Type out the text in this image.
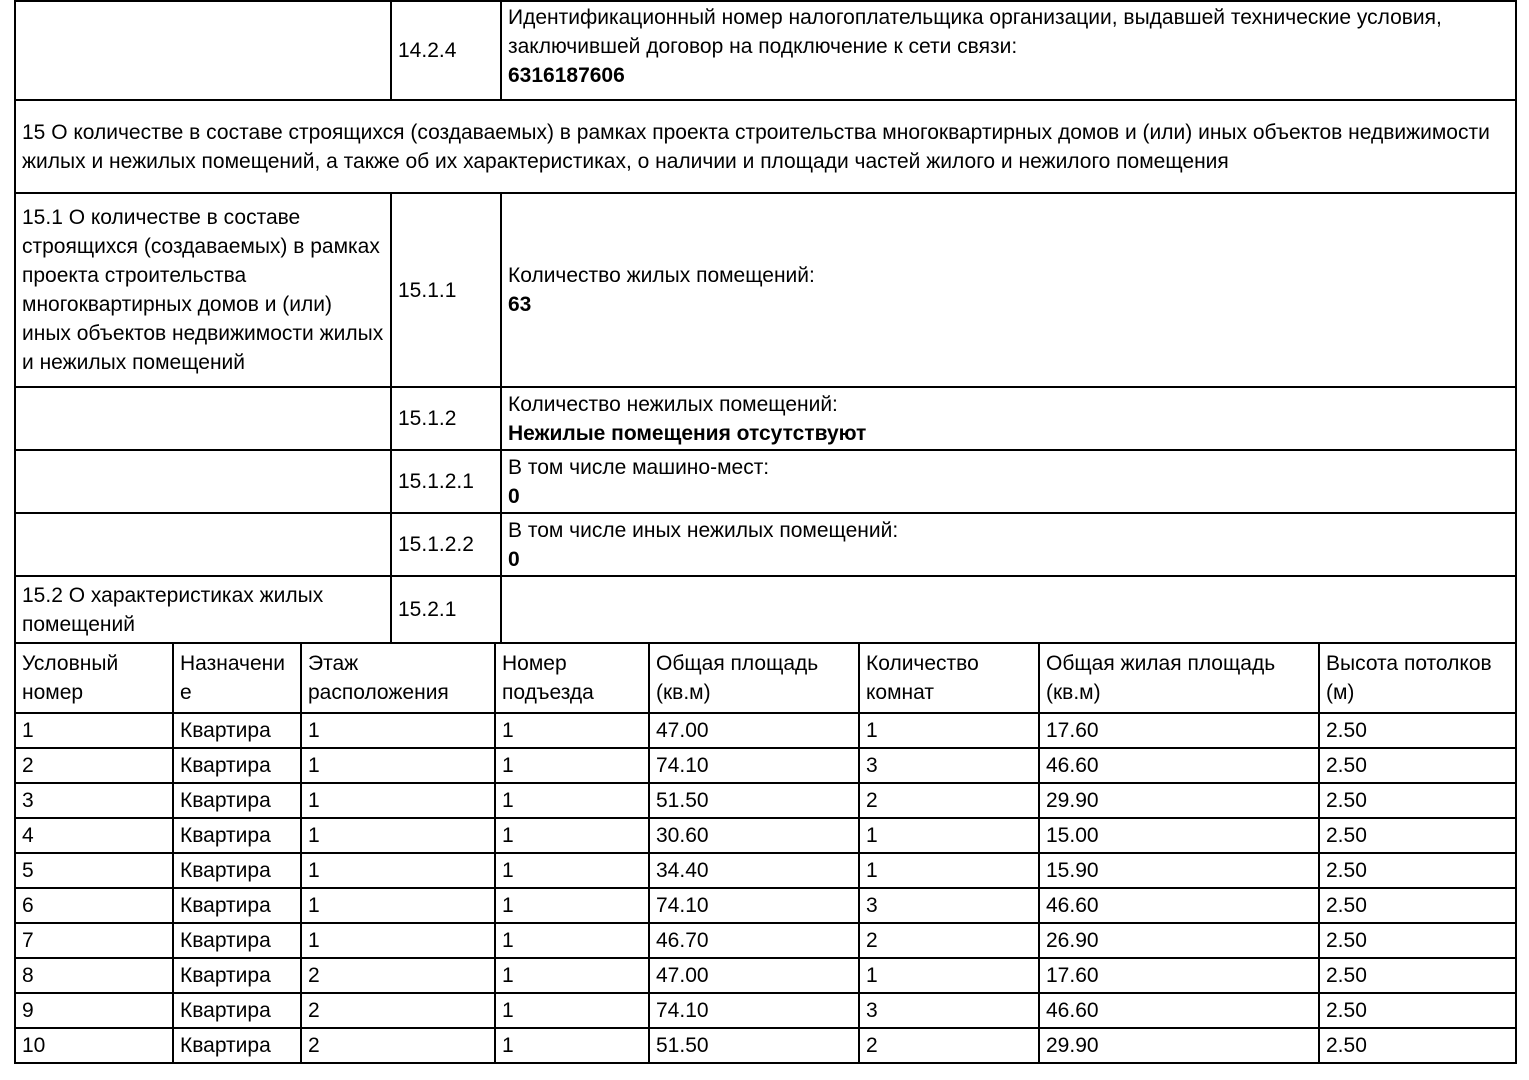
	14.2.4	Идентификационный номер налогоплательщика организации, выдавшей технические условия, заключившей договор на подключение к сети связи:
6316187606

15 О количестве в составе строящихся (создаваемых) в рамках проекта строительства многоквартирных домов и (или) иных объектов недвижимости жилых и нежилых помещений, а также об их характеристиках, о наличии и площади частей жилого и нежилого помещения		
15.1 О количестве в составе строящихся (создаваемых) в рамках проекта строительства многоквартирных домов и (или) иных объектов недвижимости жилых и нежилых помещений	15.1.1	Количество жилых помещений:
63

	15.1.2	Количество нежилых помещений:
Нежилые помещения отсутствуют

	15.1.2.1	В том числе машино-мест:
0

	15.1.2.2	В том числе иных нежилых помещений:
0

15.2 О характеристиках жилых помещений	15.2.1	
Условный номер	Назначение	Этаж расположения	Номер подъезда	Общая площадь (кв.м)	Количество комнат	Общая жилая площадь (кв.м)	Высота потолков (м)
1	Квартира	1	1	47.00	1	17.60	2.50
2	Квартира	1	1	74.10	3	46.60	2.50
3	Квартира	1	1	51.50	2	29.90	2.50
4	Квартира	1	1	30.60	1	15.00	2.50
5	Квартира	1	1	34.40	1	15.90	2.50
6	Квартира	1	1	74.10	3	46.60	2.50
7	Квартира	1	1	46.70	2	26.90	2.50
8	Квартира	2	1	47.00	1	17.60	2.50
9	Квартира	2	1	74.10	3	46.60	2.50
10	Квартира	2	1	51.50	2	29.90	2.50
